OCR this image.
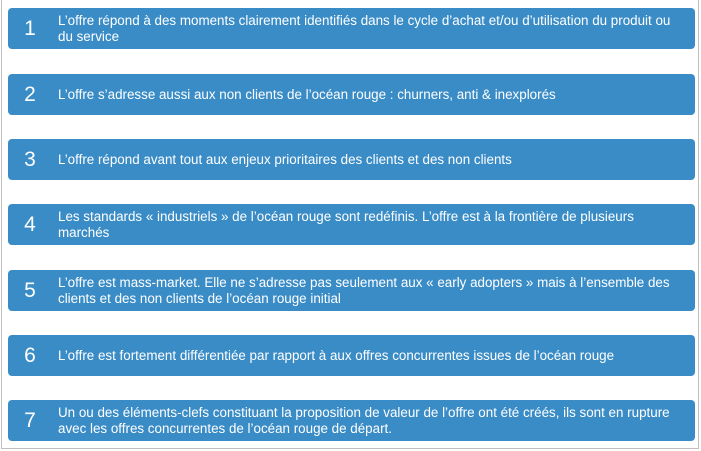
1	L’offre répond à des moments clairement identifiés dans le cycle d’achat et/ou d’utilisation du produit ou du service
2	L’offre s’adresse aussi aux non clients de l’océan rouge : churners, anti & inexplorés
3	L’offre répond avant tout aux enjeux prioritaires des clients et des non clients
4	Les standards « industriels » de l’océan rouge sont redéfinis. L’offre est à la frontière de plusieurs marchés
5	L’offre est mass-market. Elle ne s’adresse pas seulement aux « early adopters » mais à l’ensemble des clients et des non clients de l’océan rouge initial
6	L’offre est fortement différentiée par rapport à aux offres concurrentes issues de l’océan rouge
7	Un ou des éléments-clefs constituant la proposition de valeur de l’offre ont été créés, ils sont en rupture avec les offres concurrentes de l’océan rouge de départ.
